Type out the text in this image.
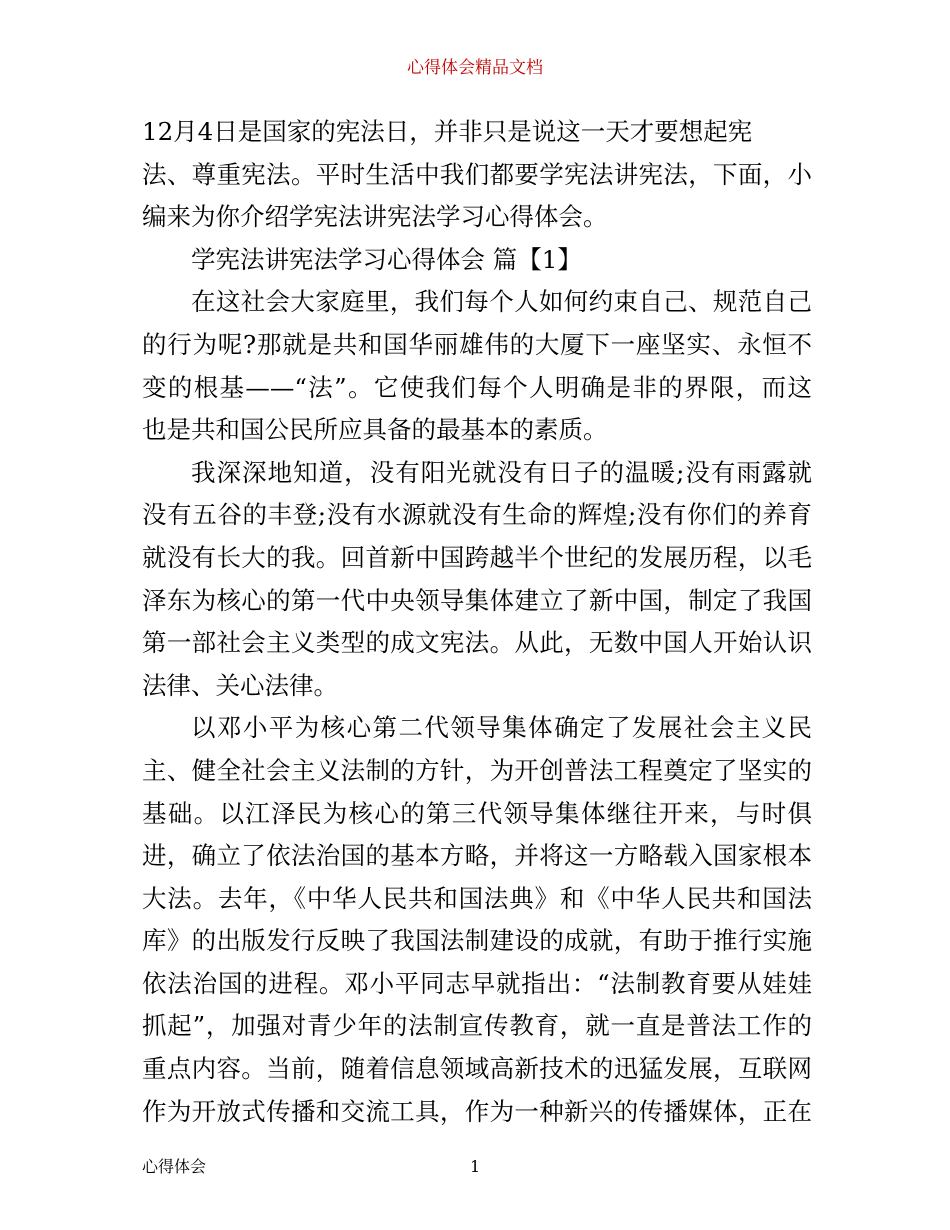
心得体会精品文档
12月4日是国家的宪法日，并非只是说这一天才要想起宪
法、尊重宪法。平时生活中我们都要学宪法讲宪法，下面，小
编来为你介绍学宪法讲宪法学习心得体会。
学宪法讲宪法学习心得体会 篇【1】
在这社会大家庭里，我们每个人如何约束自己、规范自己
的行为呢?那就是共和国华丽雄伟的大厦下一座坚实、永恒不
变的根基——“法”。它使我们每个人明确是非的界限，而这
也是共和国公民所应具备的最基本的素质。
我深深地知道，没有阳光就没有日子的温暖;没有雨露就
没有五谷的丰登;没有水源就没有生命的辉煌;没有你们的养育
就没有长大的我。回首新中国跨越半个世纪的发展历程，以毛
泽东为核心的第一代中央领导集体建立了新中国，制定了我国
第一部社会主义类型的成文宪法。从此，无数中国人开始认识
法律、关心法律。
以邓小平为核心第二代领导集体确定了发展社会主义民
主、健全社会主义法制的方针，为开创普法工程奠定了坚实的
基础。以江泽民为核心的第三代领导集体继往开来，与时俱
进，确立了依法治国的基本方略，并将这一方略载入国家根本
大法。去年，《中华人民共和国法典》和《中华人民共和国法
库》的出版发行反映了我国法制建设的成就，有助于推行实施
依法治国的进程。邓小平同志早就指出：“法制教育要从娃娃
抓起”，加强对青少年的法制宣传教育，就一直是普法工作的
重点内容。当前，随着信息领域高新技术的迅猛发展，互联网
作为开放式传播和交流工具，作为一种新兴的传播媒体，正在
心得体会	1
